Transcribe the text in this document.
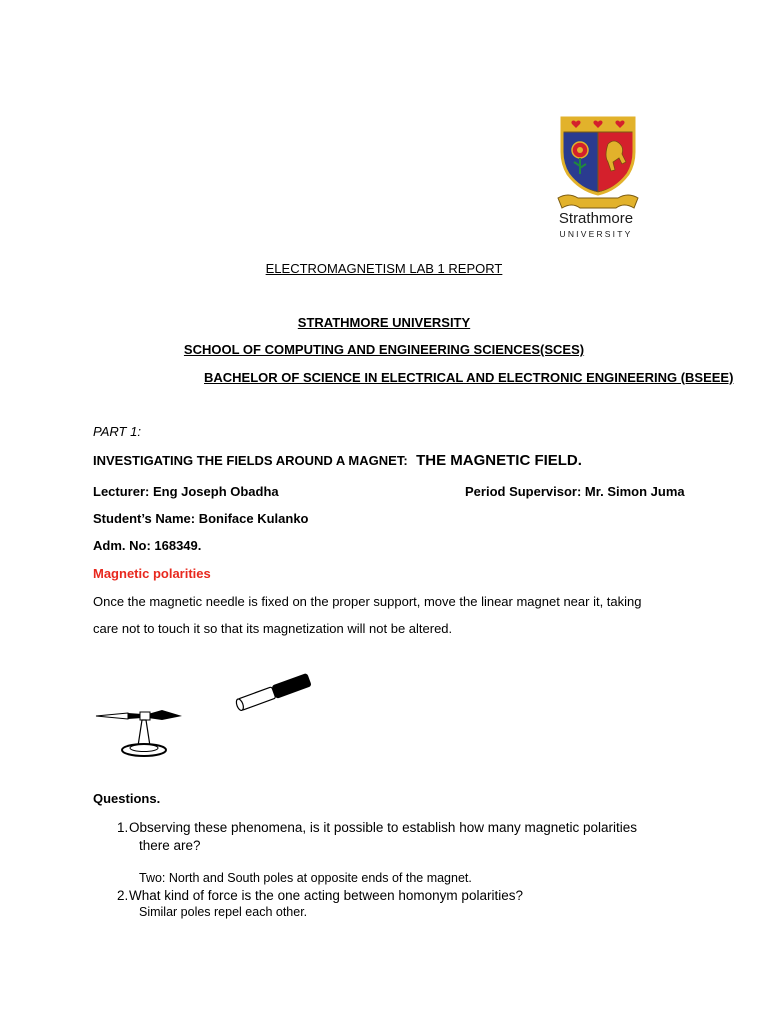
Strathmore
UNIVERSITY
ELECTROMAGNETISM LAB 1 REPORT
STRATHMORE UNIVERSITY
SCHOOL OF COMPUTING AND ENGINEERING SCIENCES(SCES)
BACHELOR OF SCIENCE IN ELECTRICAL AND ELECTRONIC ENGINEERING (BSEEE)
PART 1:
INVESTIGATING THE FIELDS AROUND A MAGNET: THE MAGNETIC FIELD.
Lecturer: Eng Joseph Obadha	Period Supervisor: Mr. Simon Juma
Student’s Name: Boniface Kulanko
Adm. No: 168349.
Magnetic polarities
Once the magnetic needle is fixed on the proper support, move the linear magnet near it, taking
care not to touch it so that its magnetization will not be altered.
Questions.
1. Observing these phenomena, is it possible to establish how many magnetic polarities
there are?
Two: North and South poles at opposite ends of the magnet.
2. What kind of force is the one acting between homonym polarities?
Similar poles repel each other.
